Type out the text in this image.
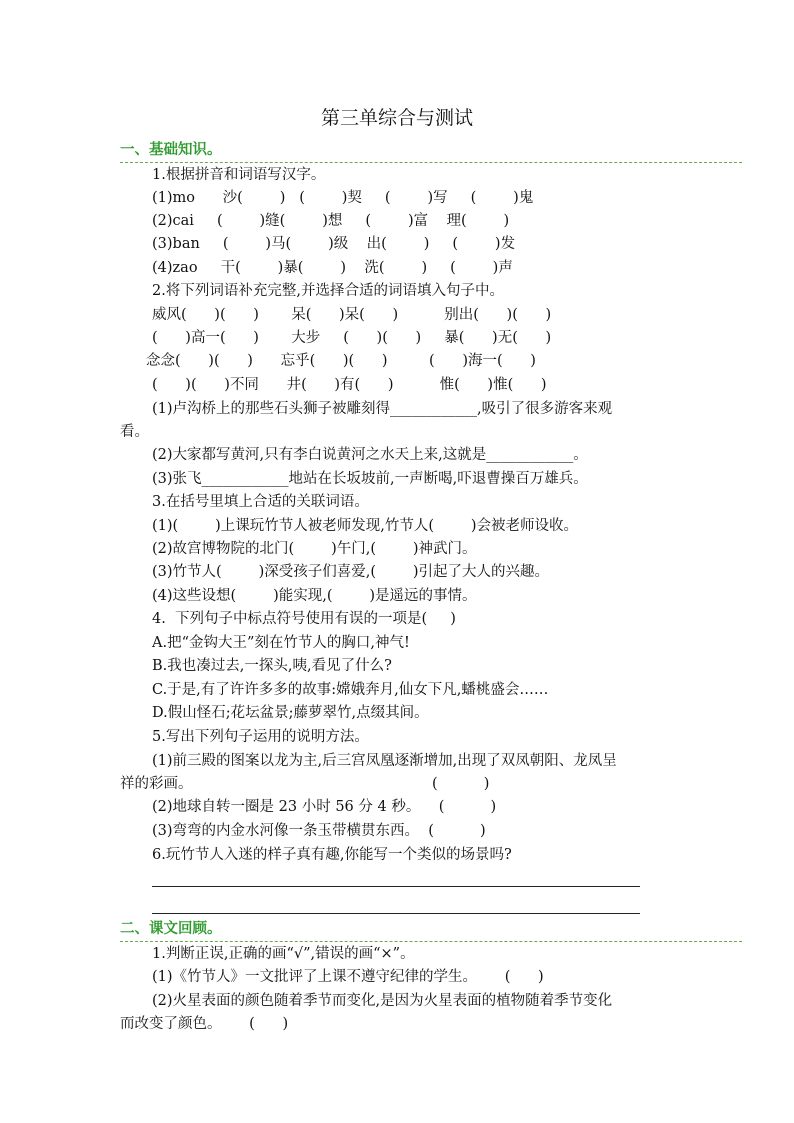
第三单综合与测试
一、基础知识。
1.根据拼音和词语写汉字。
(1)mo      沙(        )   (        )契     (        )写     (        )鬼
(2)cai     (        )缝(        )想     (        )富    理(        )
(3)ban     (        )马(        )级    出(        )     (        )发
(4)zao     干(        )暴(        )    洗(        )     (        )声
2.将下列词语补充完整,并选择合适的词语填入句子中。
威风(      )(      )       呆(      )呆(      )          别出(      )(      )
(      )高一(      )       大步     (      )(      )     暴(      )无(      )
念念(      )(      )      忘乎(      )(      )         (      )海一(      )
(      )(      )不同      井(      )有(      )          惟(      )惟(      )
(1)卢沟桥上的那些石头狮子被雕刻得____________,吸引了很多游客来观
看。
(2)大家都写黄河,只有李白说黄河之水天上来,这就是____________。
(3)张飞____________地站在长坂坡前,一声断喝,吓退曹操百万雄兵。
3.在括号里填上合适的关联词语。
(1)(        )上课玩竹节人被老师发现,竹节人(        )会被老师设收。
(2)故宫博物院的北门(        )午门,(        )神武门。
(3)竹节人(        )深受孩子们喜爱,(        )引起了大人的兴趣。
(4)这些设想(        )能实现,(        )是遥远的事情。
4.  下列句子中标点符号使用有误的一项是(     )
A.把“金钩大王”刻在竹节人的胸口,神气!
B.我也凑过去,一探头,咦,看见了什么?
C.于是,有了许许多多的故事:嫦娥奔月,仙女下凡,蟠桃盛会……
D.假山怪石;花坛盆景;藤萝翠竹,点缀其间。
5.写出下列句子运用的说明方法。
(1)前三殿的图案以龙为主,后三宫凤凰逐渐增加,出现了双凤朝阳、龙凤呈
祥的彩画。	(          )
(2)地球自转一圈是 23 小时 56 分 4 秒。    (          )
(3)弯弯的内金水河像一条玉带横贯东西。  (          )
6.玩竹节人入迷的样子真有趣,你能写一个类似的场景吗?
二、课文回顾。
1.判断正误,正确的画“√”,错误的画“×”。
(1)《竹节人》一文批评了上课不遵守纪律的学生。      (      )
(2)火星表面的颜色随着季节而变化,是因为火星表面的植物随着季节变化
而改变了颜色。      (      )
